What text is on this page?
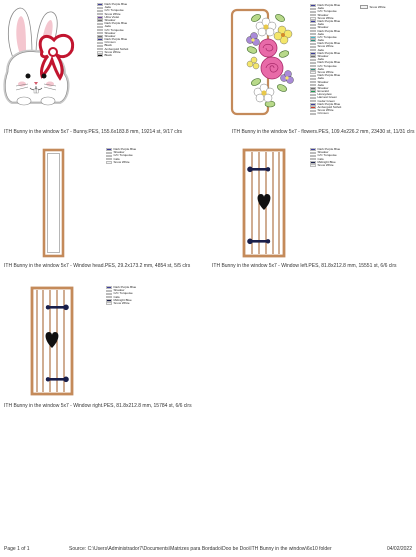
Dark Purple Blue
Jade
C/C Turquoise
Snow White
Ultra Violet
Shadow
Dark Purple Blue
Jade
C/C Turquoise
Shadow
Shadow
Dark Purple Blue
Crimson
Black
Ambergold Scrlett
Snow White
Black
ITH Bunny in the window 5x7 - Bunny.PES, 155.6x183.8 mm, 19214 st, 9/17 clrs
Snow White
Dark Purple Blue
Jade
C/C Turquoise
Shadow
Snow White
Dark Purple Blue
Jade
Shadow
Dark Purple Blue
Jade
C/C Turquoise
Jade
Dark Purple Blue
Snow White
Jade
Dark Purple Blue
Shadow
Jade
Dark Purple Blue
C/C Turquoise
Jade
Snow White
Dark Purple Blue
Jade
Shadow
Jade
Shadow
Emerald
Honeydew
Harvest Green
Cedar Green
Dark Purple Blue
Ambergold Scrlett
Snow White
Crimson
ITH Bunny in the window 5x7 - flowers.PES, 109.4x226.2 mm, 23430 st, 11/31 clrs
Dark Purple Blue
Shadow
C/C Turquoise
Cafe
Snow White
ITH Bunny in the window 5x7 - Window head.PES, 29.2x173.2 mm, 4854 st, 5/5 clrs
Dark Purple Blue
Shadow
C/C Turquoise
Cafe
Midnight Blue
Snow White
ITH Bunny in the window 5x7 - Window left.PES, 81.8x212.8 mm, 15551 st, 6/6 clrs
Dark Purple Blue
Shadow
C/C Turquoise
Cafe
Midnight Blue
Snow White
ITH Bunny in the window 5x7 - Window right.PES, 81.8x212.8 mm, 15784 st, 6/6 clrs
Page 1 of 1	Source: C:\Users\Administrador7\Documents\Matrizes para Bordado\Doo be Doo\ITH Bunny in the window\6x10 folder	04/02/2022
